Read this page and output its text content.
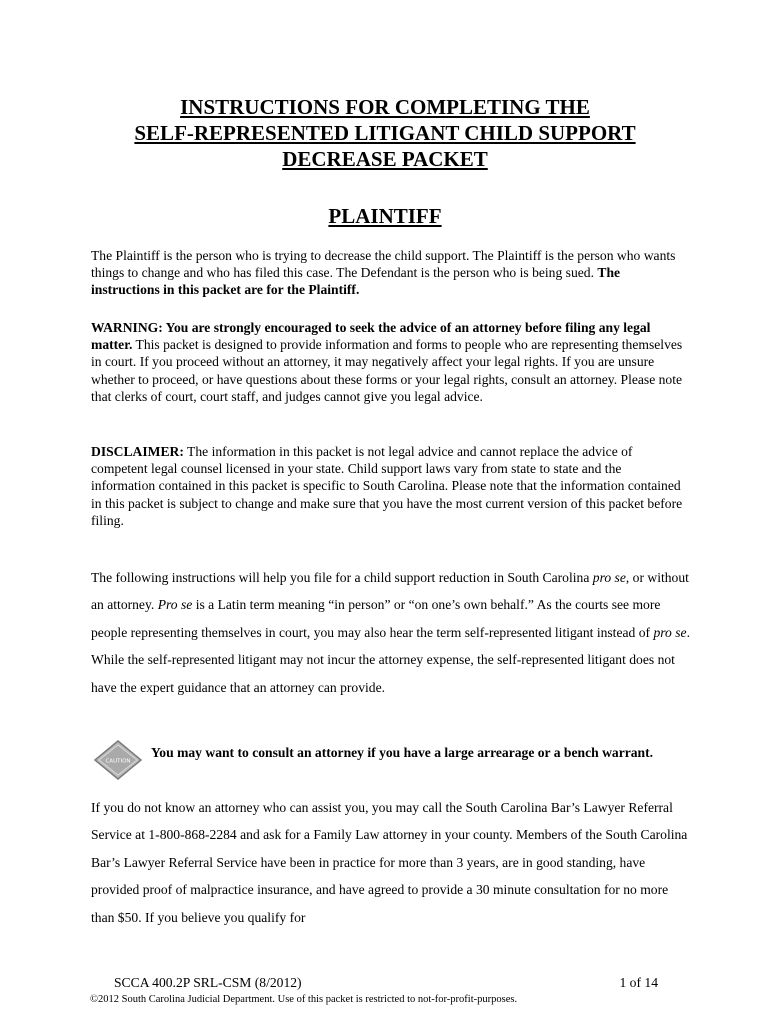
INSTRUCTIONS FOR COMPLETING THE
SELF-REPRESENTED LITIGANT CHILD SUPPORT
DECREASE PACKET
PLAINTIFF

The Plaintiff is the person who is trying to decrease the child support. The Plaintiff is the person who wants things to change and who has filed this case. The Defendant is the person who is being sued. The instructions in this packet are for the Plaintiff.

WARNING: You are strongly encouraged to seek the advice of an attorney before filing any legal matter. This packet is designed to provide information and forms to people who are representing themselves in court. If you proceed without an attorney, it may negatively affect your legal rights. If you are unsure whether to proceed, or have questions about these forms or your legal rights, consult an attorney. Please note that clerks of court, court staff, and judges cannot give you legal advice.

DISCLAIMER: The information in this packet is not legal advice and cannot replace the advice of competent legal counsel licensed in your state. Child support laws vary from state to state and the information contained in this packet is specific to South Carolina. Please note that the information contained in this packet is subject to change and make sure that you have the most current version of this packet before filing.

The following instructions will help you file for a child support reduction in South Carolina pro se, or without an attorney. Pro se is a Latin term meaning “in person” or “on one’s own behalf.” As the courts see more people representing themselves in court, you may also hear the term self-represented litigant instead of pro se. While the self-represented litigant may not incur the attorney expense, the self-represented litigant does not have the expert guidance that an attorney can provide.

CAUTION

You may want to consult an attorney if you have a large arrearage or a bench warrant.

If you do not know an attorney who can assist you, you may call the South Carolina Bar’s Lawyer Referral Service at 1-800-868-2284 and ask for a Family Law attorney in your county. Members of the South Carolina Bar’s Lawyer Referral Service have been in practice for more than 3 years, are in good standing, have provided proof of malpractice insurance, and have agreed to provide a 30 minute consultation for no more than $50. If you believe you qualify for

SCCA 400.2P SRL-CSM (8/2012)	1 of 14
©2012 South Carolina Judicial Department. Use of this packet is restricted to not-for-profit-purposes.
